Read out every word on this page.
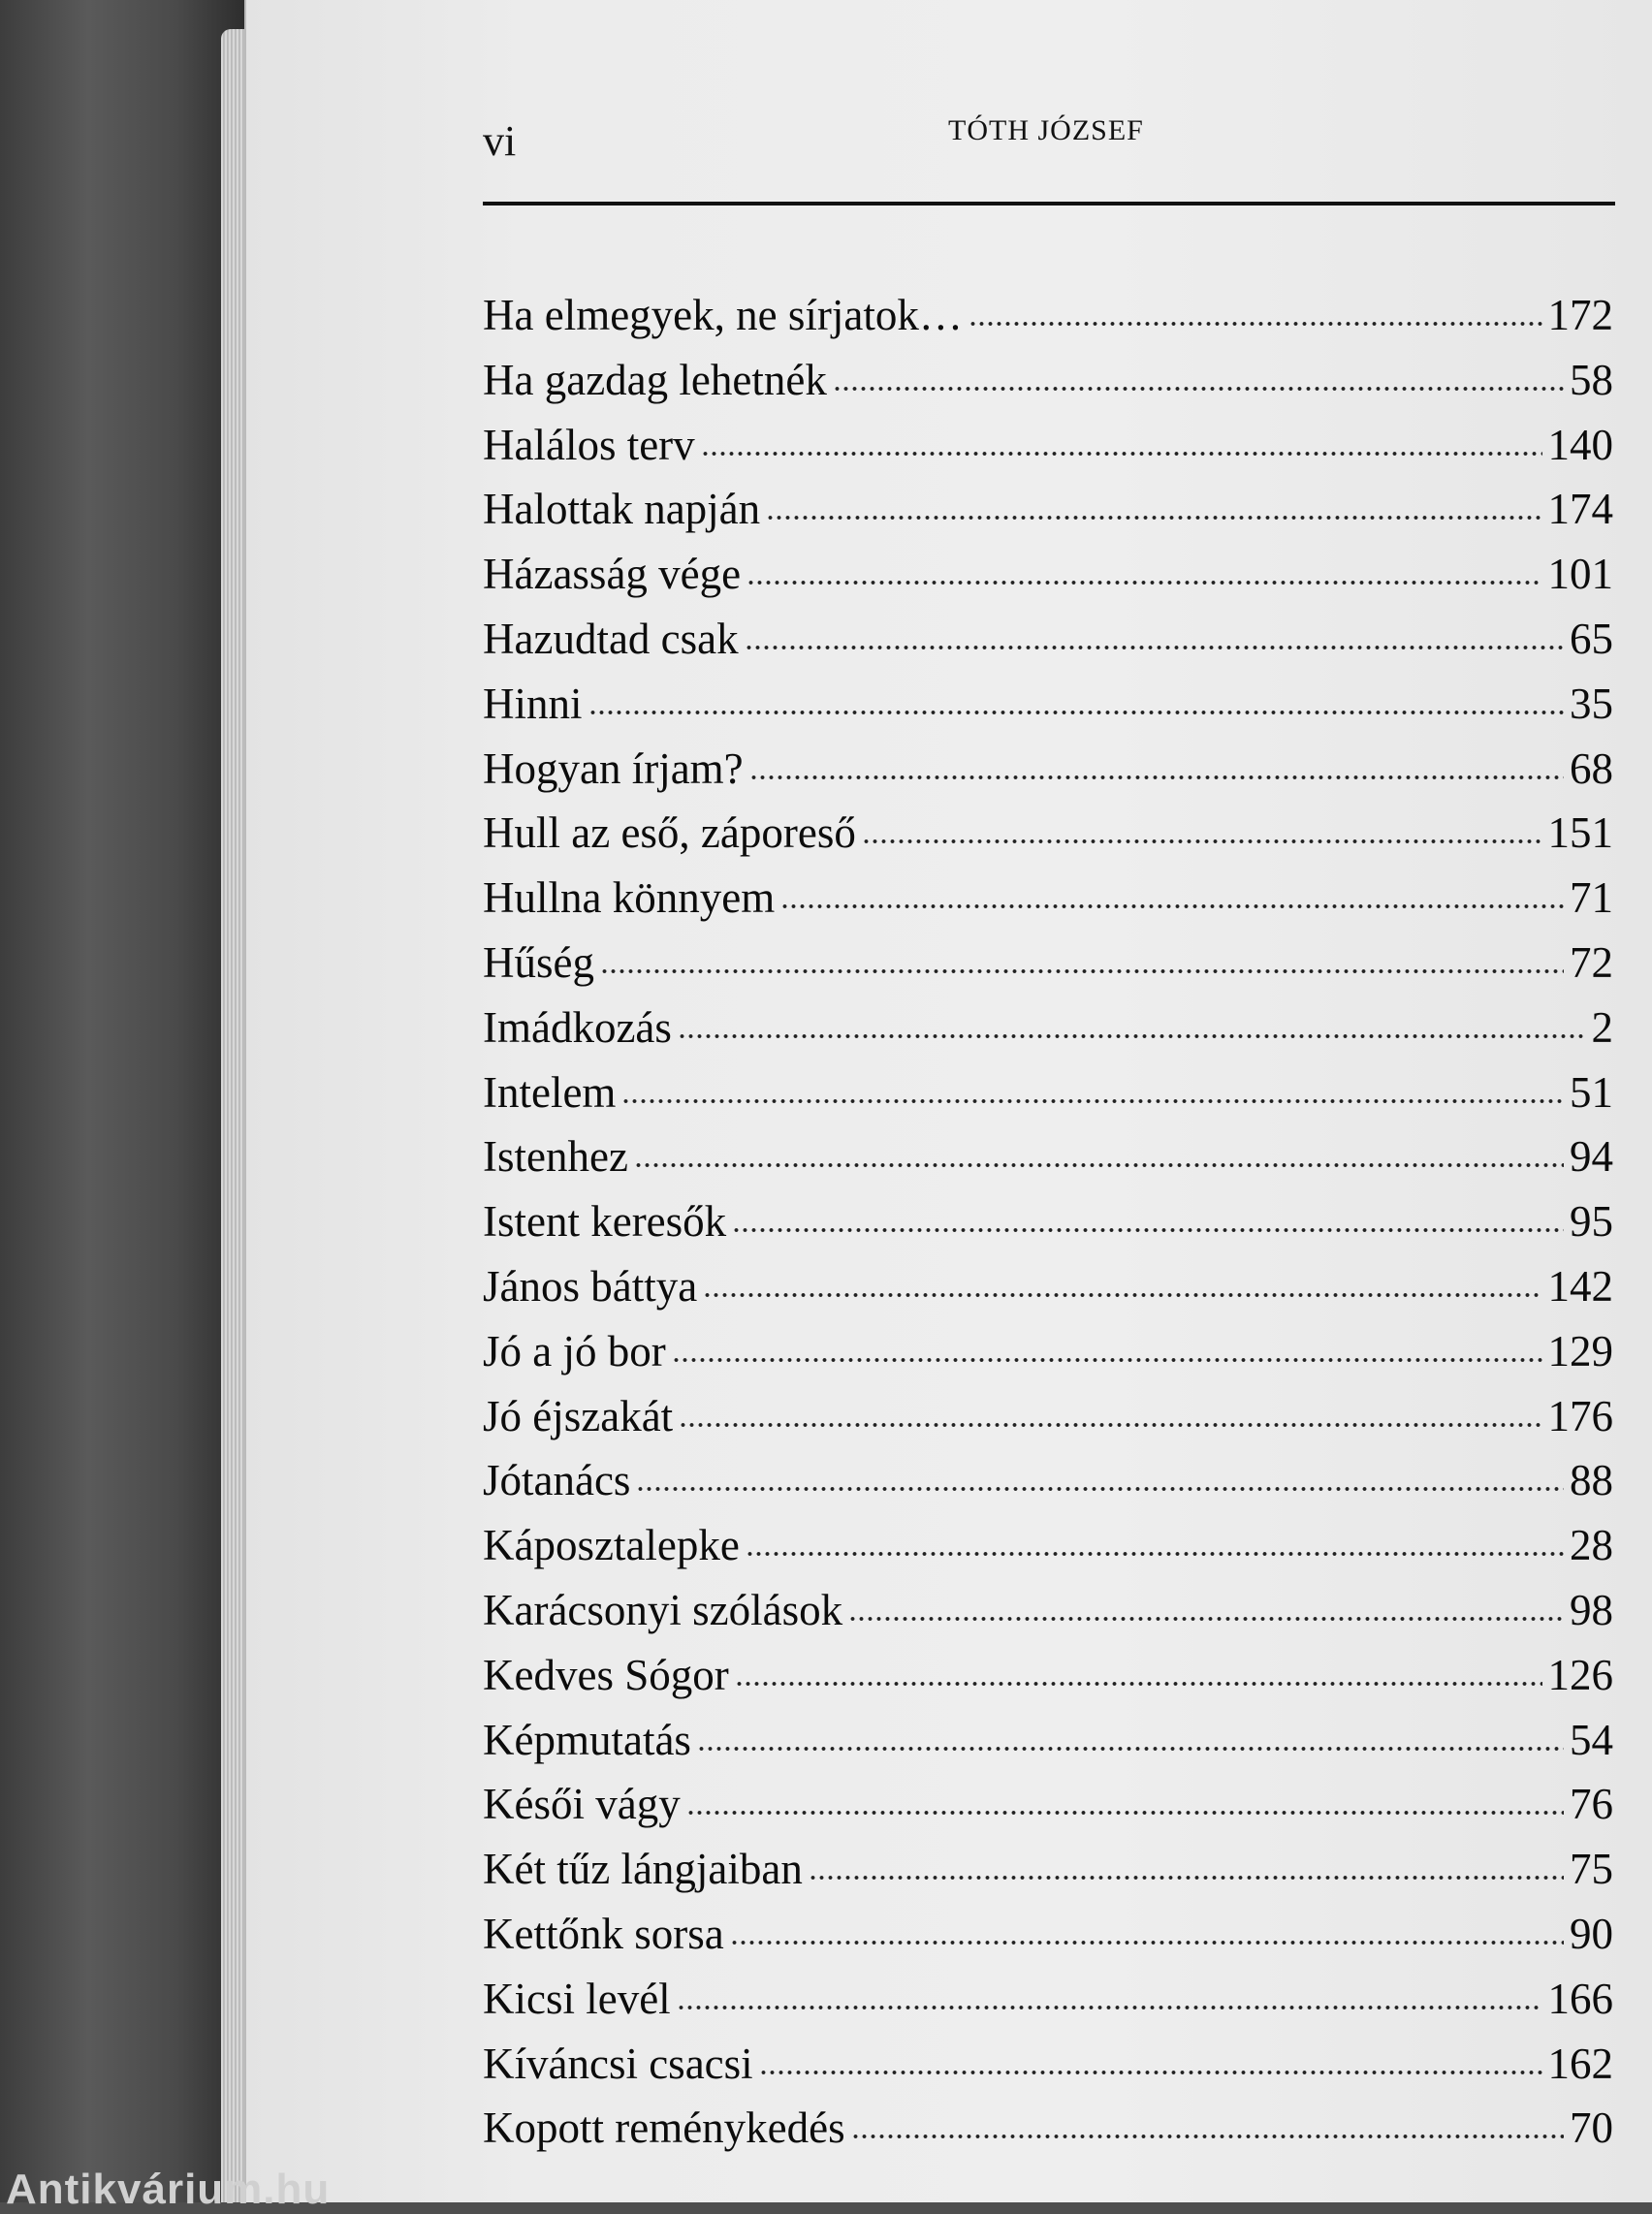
vi	TÓTH JÓZSEF
Ha elmegyek, ne sírjatok…	172
Ha gazdag lehetnék	58
Halálos terv	140
Halottak napján	174
Házasság vége	101
Hazudtad csak	65
Hinni	35
Hogyan írjam?	68
Hull az eső, záporeső	151
Hullna könnyem	71
Hűség	72
Imádkozás	2
Intelem	51
Istenhez	94
Istent keresők	95
János báttya	142
Jó a jó bor	129
Jó éjszakát	176
Jótanács	88
Káposztalepke	28
Karácsonyi szólások	98
Kedves Sógor	126
Képmutatás	54
Késői vágy	76
Két tűz lángjaiban	75
Kettőnk sorsa	90
Kicsi levél	166
Kíváncsi csacsi	162
Kopott reménykedés	70
Antikvárium.hu
